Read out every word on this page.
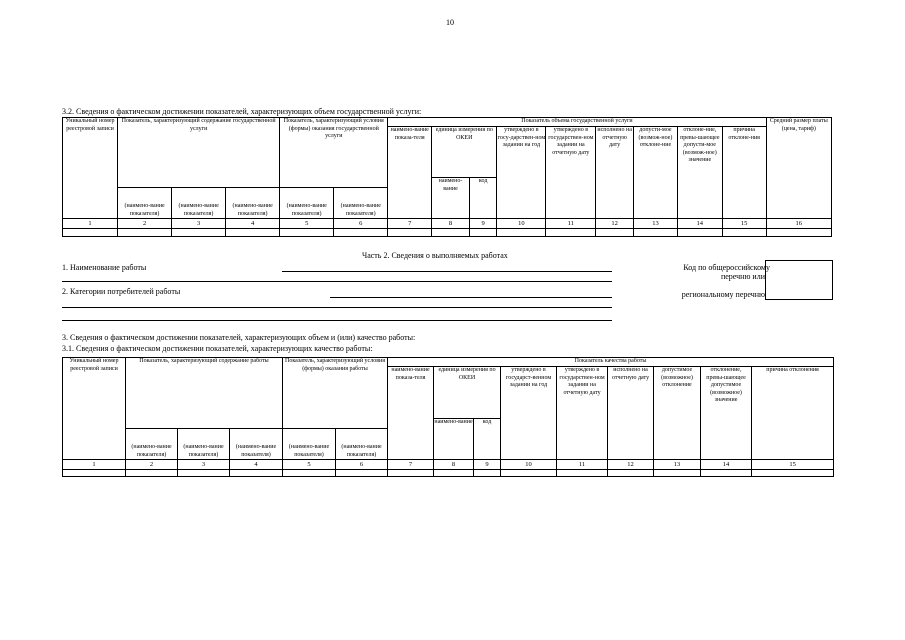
10
3.2. Сведения о фактическом достижении показателей, характеризующих объем государственной услуги:
Уникальный номер реестровой записи	Показатель, характеризующий содержание государственной услуги			Показатель, характеризующий условия (формы) оказания государственной услуги		Показатель объема государственной услуги									Средний размер платы (цена, тариф)
						наимено-вание показа-теля	единица измерения по ОКЕИ		утверждено в госу-дарствен-ном задании на год	утверждено в государствен-ном задании на отчетную дату	исполнено на отчетную дату	допусти-мое (возмож-ное) отклоне-ние	отклоне-ние, превы-шающее допусти-мое (возмож-ное) значение	причина отклоне-ния	
							наимено-вание	код							
	(наимено-вание показателя)	(наимено-вание показателя)	(наимено-вание показателя)	(наимено-вание показателя)	(наимено-вание показателя)										
1	2	3	4	5	6	7	8	9	10	11	12	13	14	15	16

Часть 2. Сведения о выполняемых работах
1. Наименование работы
2. Категории потребителей работы
Код по общероссийскому
перечню или
региональному перечню
3. Сведения о фактическом достижении показателей, характеризующих объем и (или) качество работы:
3.1. Сведения о фактическом достижении показателей, характеризующих качество работы:
Уникальный номер реестровой записи	Показатель, характеризующий содержание работы			Показатель, характеризующий условия (формы) оказания работы		Показатель качества работы								
						наимено-вание показа-теля	единица измерения по ОКЕИ		утверждено в государст-венном задании на год	утверждено в государствен-ном задании на отчетную дату	исполнено на отчетную дату	допустимое (возможное) отклонение	отклонение, превы-шающее допустимое (возможное) значение	причина отклонения
							наимено-вание	код						
	(наимено-вание показателя)	(наимено-вание показателя)	(наимено-вание показателя)	(наимено-вание показателя)	(наимено-вание показателя)									
1	2	3	4	5	6	7	8	9	10	11	12	13	14	15
